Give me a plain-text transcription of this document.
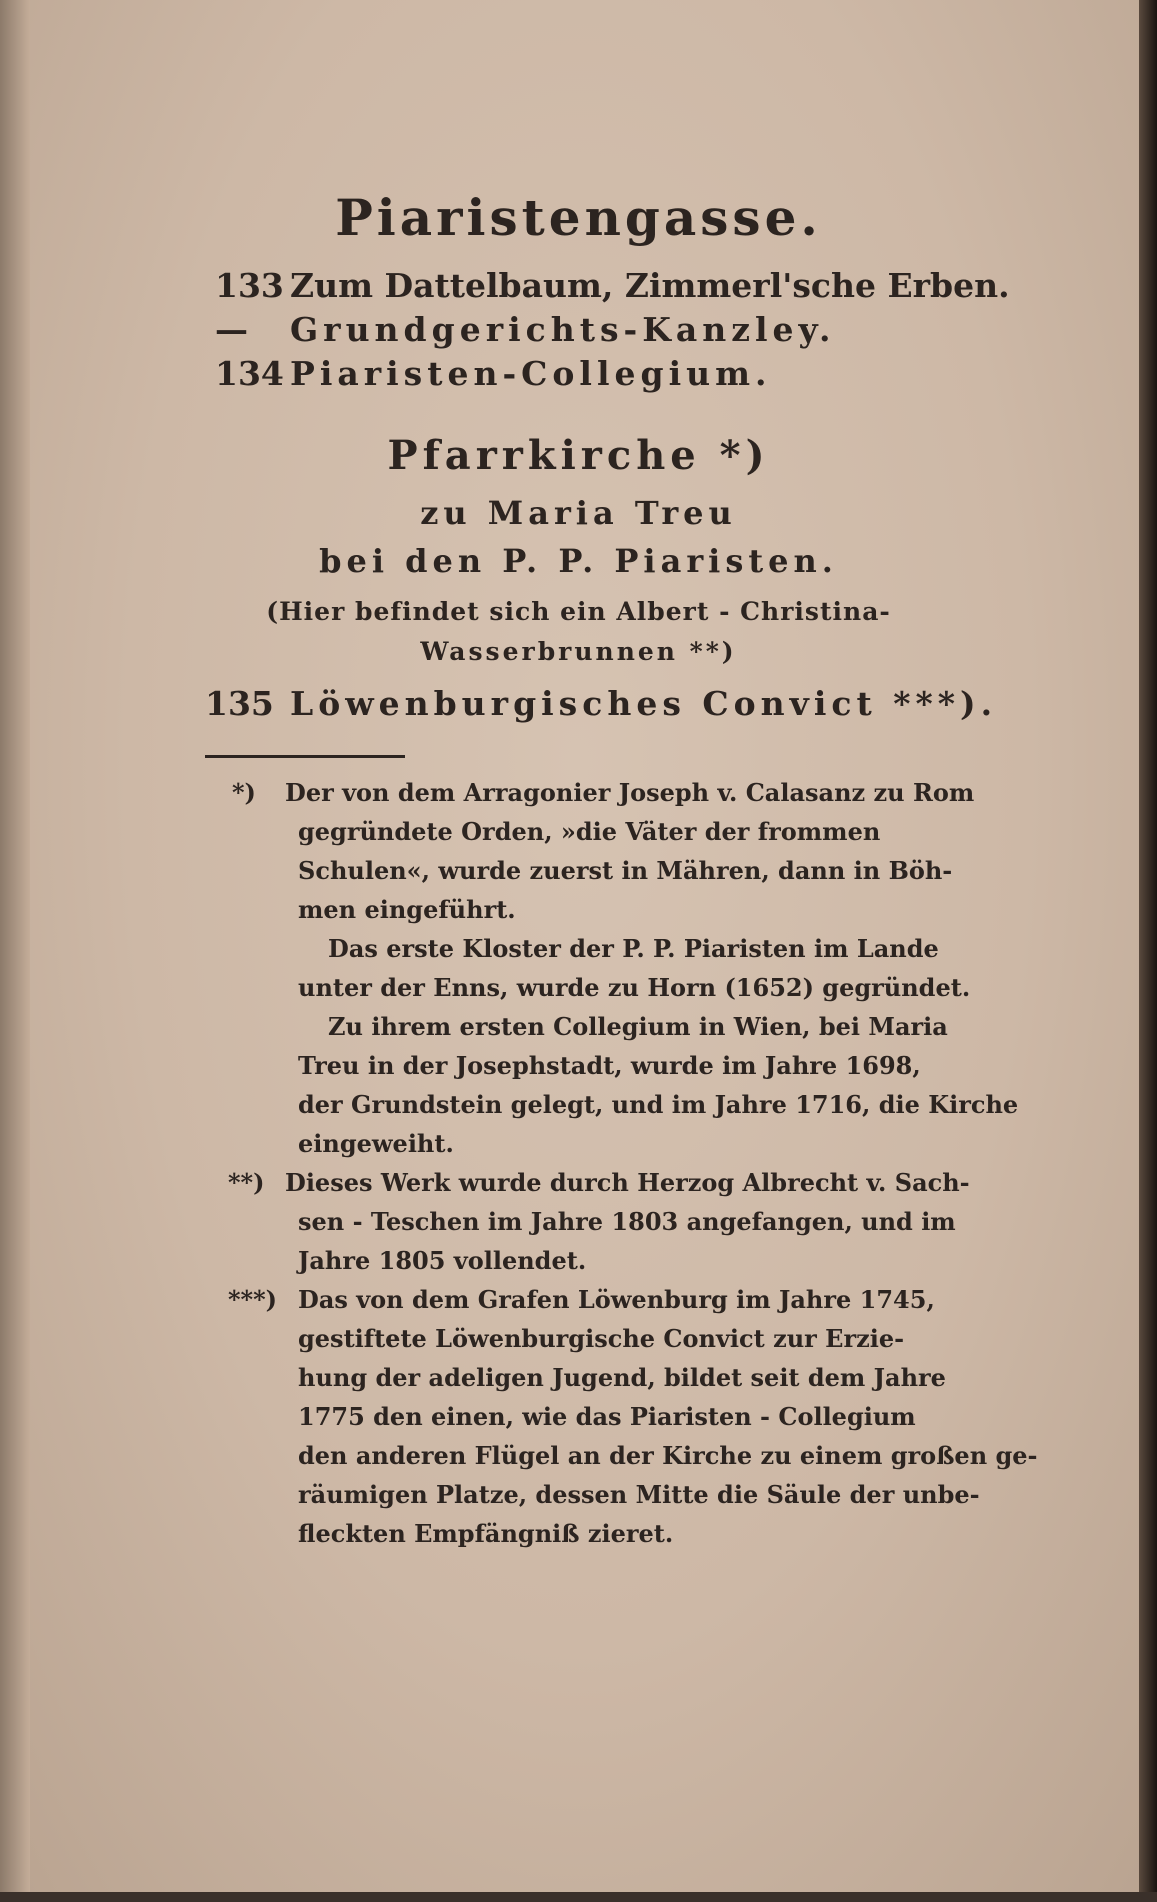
Piaristengasse.
133 Zum Dattelbaum, Zimmerl'sche Erben.
— Grundgerichts-Kanzley.
134 Piaristen-Collegium.
Pfarrkirche *)
zu Maria Treu
bei den P. P. Piaristen.
(Hier befindet sich ein Albert - Christina-
Wasserbrunnen **)
135 Löwenburgisches Convict ***).
*) Der von dem Arragonier Joseph v. Calasanz zu Rom
gegründete Orden, »die Väter der frommen
Schulen«, wurde zuerst in Mähren, dann in Böh-
men eingeführt.
Das erste Kloster der P. P. Piaristen im Lande
unter der Enns, wurde zu Horn (1652) gegründet.
Zu ihrem ersten Collegium in Wien, bei Maria
Treu in der Josephstadt, wurde im Jahre 1698,
der Grundstein gelegt, und im Jahre 1716, die Kirche
eingeweiht.
**) Dieses Werk wurde durch Herzog Albrecht v. Sach-
sen - Teschen im Jahre 1803 angefangen, und im
Jahre 1805 vollendet.
***) Das von dem Grafen Löwenburg im Jahre 1745,
gestiftete Löwenburgische Convict zur Erzie-
hung der adeligen Jugend, bildet seit dem Jahre
1775 den einen, wie das Piaristen - Collegium
den anderen Flügel an der Kirche zu einem großen ge-
räumigen Platze, dessen Mitte die Säule der unbe-
fleckten Empfängniß zieret.
